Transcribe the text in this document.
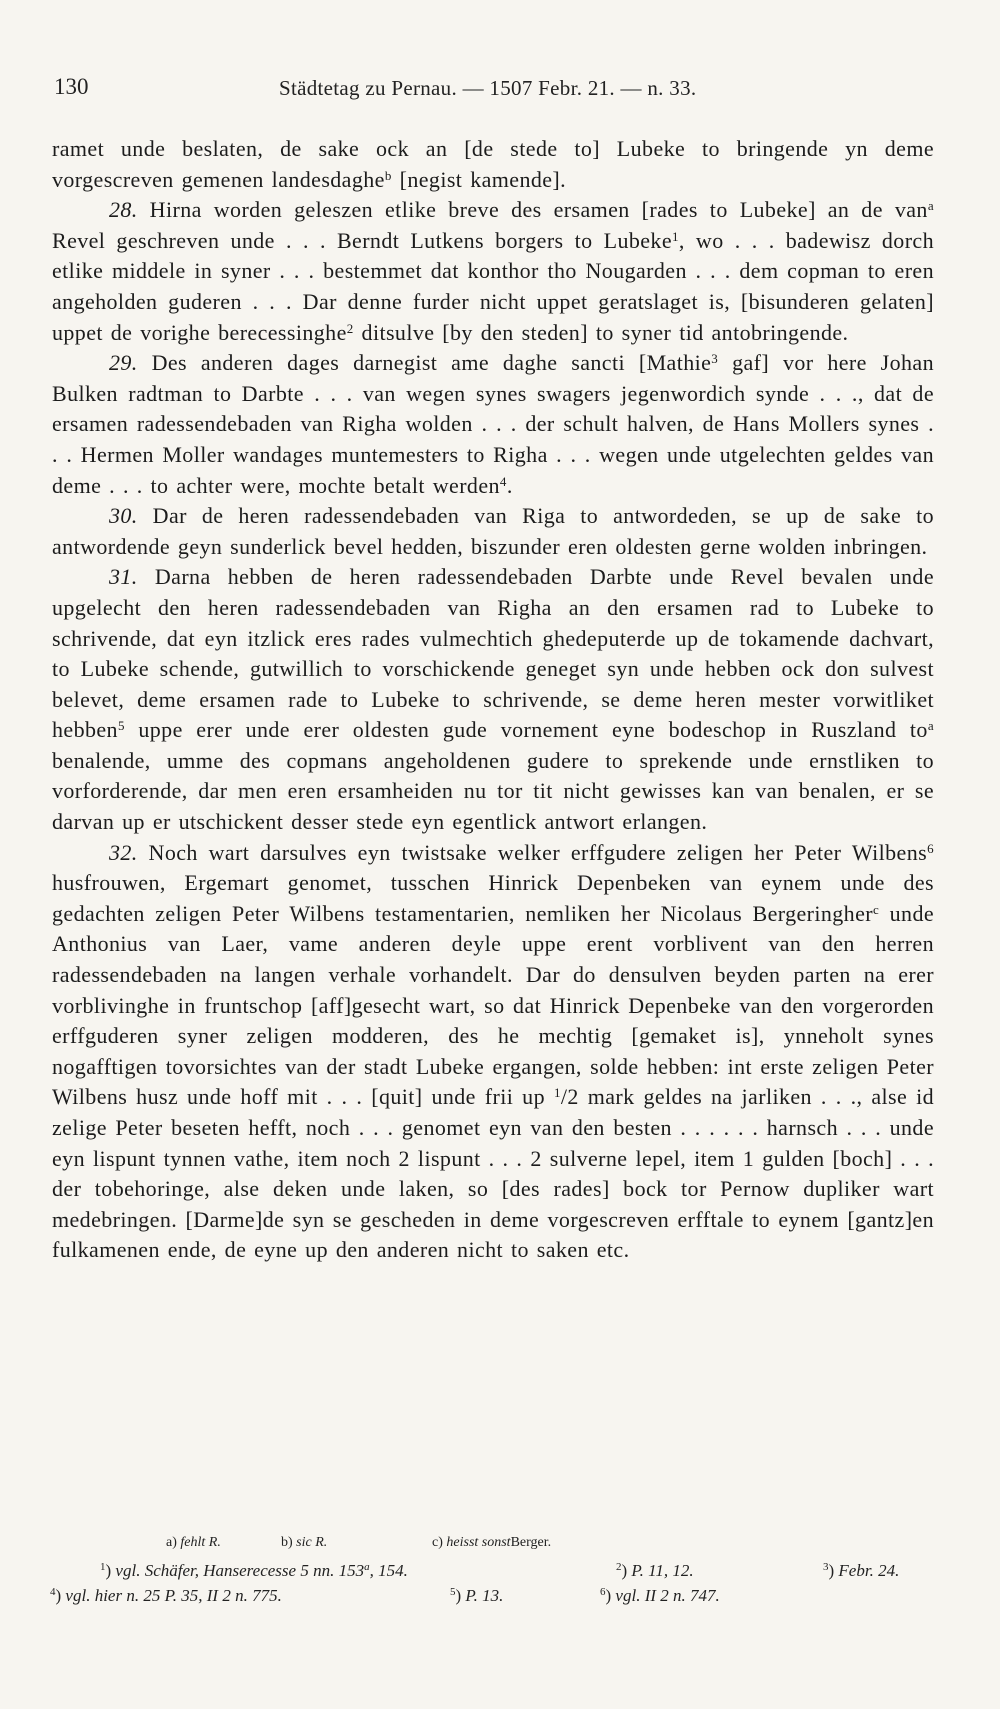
130	Städtetag zu Pernau. — 1507 Febr. 21. — n. 33.

ramet unde beslaten, de sake ock an [de stede to] Lubeke to bringende yn deme vorgescreven gemenen landesdaghe$^b$ [negist kamende].

28. Hirna worden geleszen etlike breve des ersamen [rades to Lubeke] an de van$^a$ Revel geschreven unde . . . Berndt Lutkens borgers to Lubeke$^1$, wo . . . badewisz dorch etlike middele in syner . . . bestemmet dat konthor tho Nougarden . . . dem copman to eren angeholden guderen . . . Dar denne furder nicht uppet geratslaget is, [bisunderen gelaten] uppet de vorighe berecessinghe$^2$ ditsulve [by den steden] to syner tid antobringende.

29. Des anderen dages darnegist ame daghe sancti [Mathie$^3$ gaf] vor here Johan Bulken radtman to Darbte . . . van wegen synes swagers jegenwordich synde . . ., dat de ersamen radessendebaden van Righa wolden . . . der schult halven, de Hans Mollers synes . . . Hermen Moller wandages muntemesters to Righa . . . wegen unde utgelechten geldes van deme . . . to achter were, mochte betalt werden$^4$.

30. Dar de heren radessendebaden van Riga to antwordeden, se up de sake to antwordende geyn sunderlick bevel hedden, biszunder eren oldesten gerne wolden inbringen.

31. Darna hebben de heren radessendebaden Darbte unde Revel bevalen unde upgelecht den heren radessendebaden van Righa an den ersamen rad to Lubeke to schrivende, dat eyn itzlick eres rades vulmechtich ghedeputerde up de tokamende dachvart, to Lubeke schende, gutwillich to vorschickende geneget syn unde hebben ock don sulvest belevet, deme ersamen rade to Lubeke to schrivende, se deme heren mester vorwitliket hebben$^5$ uppe erer unde erer oldesten gude vornement eyne bodeschop in Ruszland $to^a$ benalende, umme des copmans angeholdenen gudere to sprekende unde ernstliken to vorforderende, dar men eren ersamheiden nu tor tit nicht gewisses kan van benalen, er se darvan up er utschickent desser stede eyn egentlick antwort erlangen.

32. Noch wart darsulves eyn twistsake welker erffgudere zeligen her Peter Wilbens$^6$ husfrouwen, Ergemart genomet, tusschen Hinrick Depenbeken van eynem unde des gedachten zeligen Peter Wilbens testamentarien, nemliken her Nicolaus Bergeringher$^c$ unde Anthonius van Laer, vame anderen deyle uppe erent vorblivent van den herren radessendebaden na langen verhale vorhandelt. Dar do densulven beyden parten na erer vorblivinghe in fruntschop [aff]gesecht wart, so dat Hinrick Depenbeke van den vorgerorden erffguderen syner zeligen modderen, des he mechtig [gemaket is], ynneholt synes nogafftigen tovorsichtes van der stadt Lubeke ergangen, solde hebben: int erste zeligen Peter Wilbens husz unde hoff mit . . . [quit] unde frii up $^1$/2 mark geldes na jarliken . . ., alse id zelige Peter beseten hefft, noch . . . genomet eyn van den besten . . . . . . harnsch . . . unde eyn lispunt tynnen vathe, item noch 2 lispunt . . . 2 sulverne lepel, item 1 gulden [boch] . . . der tobehoringe, alse deken unde laken, so [des rades] bock tor Pernow dupliker wart medebringen. [Darme]de syn se gescheden in deme vorgescreven erfftale to eynem [gantz]en fulkamenen ende, de eyne up den anderen nicht to saken etc.

a) fehlt R.	b) sic R.	c) heisst sonstBerger.
$^1$) vgl. Schäfer, Hanserecesse 5 nn. 153$^a$, 154.	$^2$) P. 11, 12.	$^3$) Febr. 24.
$^4$) vgl. hier n. 25 P. 35, II 2 n. 775.	$^5$) P. 13.	$^6$) vgl. II 2 n. 747.
